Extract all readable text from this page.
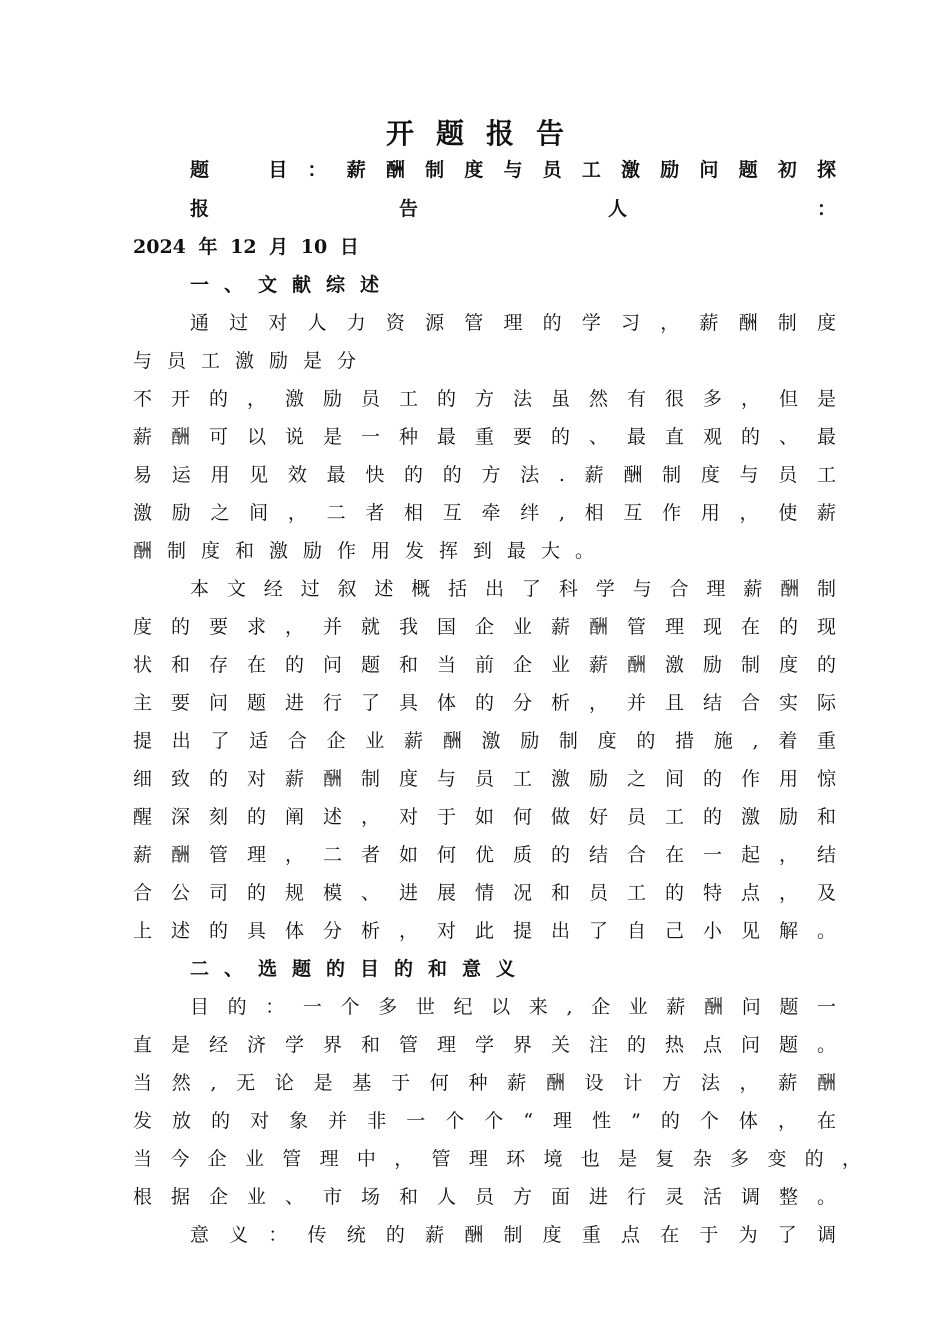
开题报告
题　目：薪酬制度与员工激励问题初探
报告人：
2024 年 12 月 10 日
一、文献综述
通过对人力资源管理的学习，薪酬制度
与员工激励是分
不开的，激励员工的方法虽然有很多，但是
薪酬可以说是一种最重要的、最直观的、最
易运用见效最快的的方法.薪酬制度与员工
激励之间，二者相互牵绊,相互作用，使薪
酬制度和激励作用发挥到最大。
本文经过叙述概括出了科学与合理薪酬制
度的要求，并就我国企业薪酬管理现在的现
状和存在的问题和当前企业薪酬激励制度的
主要问题进行了具体的分析，并且结合实际
提出了适合企业薪酬激励制度的措施,着重
细致的对薪酬制度与员工激励之间的作用惊
醒深刻的阐述，对于如何做好员工的激励和
薪酬管理，二者如何优质的结合在一起，结
合公司的规模、进展情况和员工的特点，及
上述的具体分析，对此提出了自己小见解。
二、选题的目的和意义
目的：一个多世纪以来,企业薪酬问题一
直是经济学界和管理学界关注的热点问题。
当然,无论是基于何种薪酬设计方法，薪酬
发放的对象并非一个个“理性”的个体，在
当今企业管理中，管理环境也是复杂多变的，
根据企业、市场和人员方面进行灵活调整。
意义：传统的薪酬制度重点在于为了调
